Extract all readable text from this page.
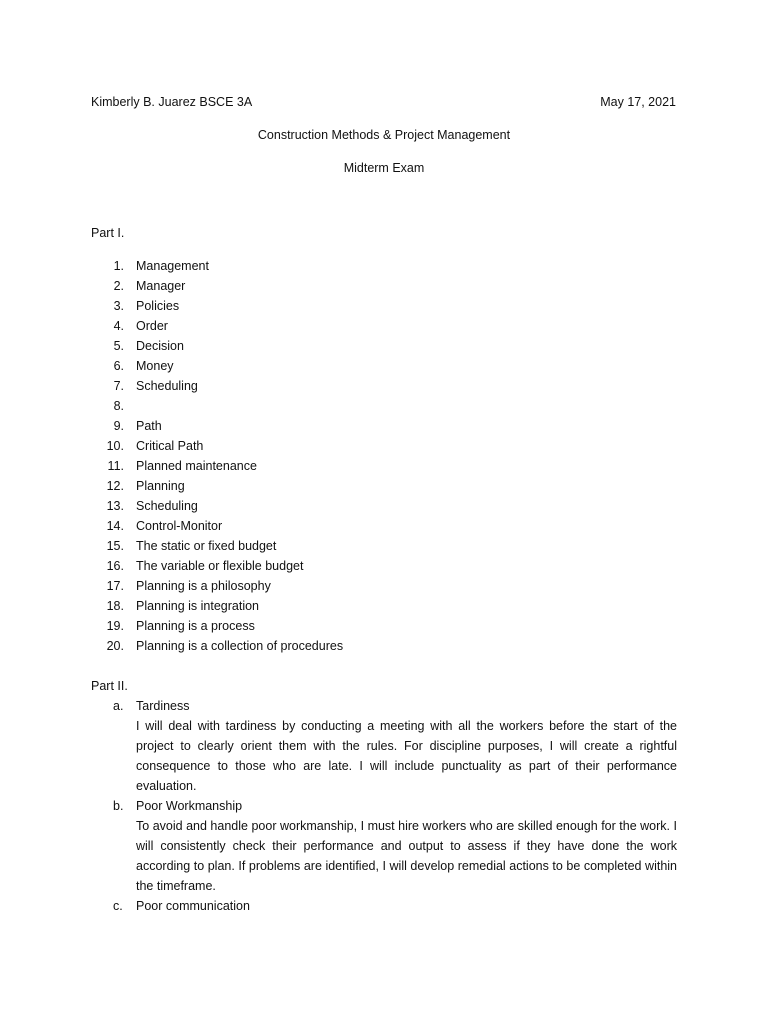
Kimberly B. Juarez BSCE 3A	May 17, 2021
Construction Methods & Project Management
Midterm Exam
Part I.
1. Management
2. Manager
3. Policies
4. Order
5. Decision
6. Money
7. Scheduling
8.
9. Path
10. Critical Path
11. Planned maintenance
12. Planning
13. Scheduling
14. Control-Monitor
15. The static or fixed budget
16. The variable or flexible budget
17. Planning is a philosophy
18. Planning is integration
19. Planning is a process
20. Planning is a collection of procedures
Part II.
a. Tardiness
I will deal with tardiness by conducting a meeting with all the workers before the start of the project to clearly orient them with the rules. For discipline purposes, I will create a rightful consequence to those who are late. I will include punctuality as part of their performance evaluation.
b. Poor Workmanship
To avoid and handle poor workmanship, I must hire workers who are skilled enough for the work. I will consistently check their performance and output to assess if they have done the work according to plan. If problems are identified, I will develop remedial actions to be completed within the timeframe.
c. Poor communication
